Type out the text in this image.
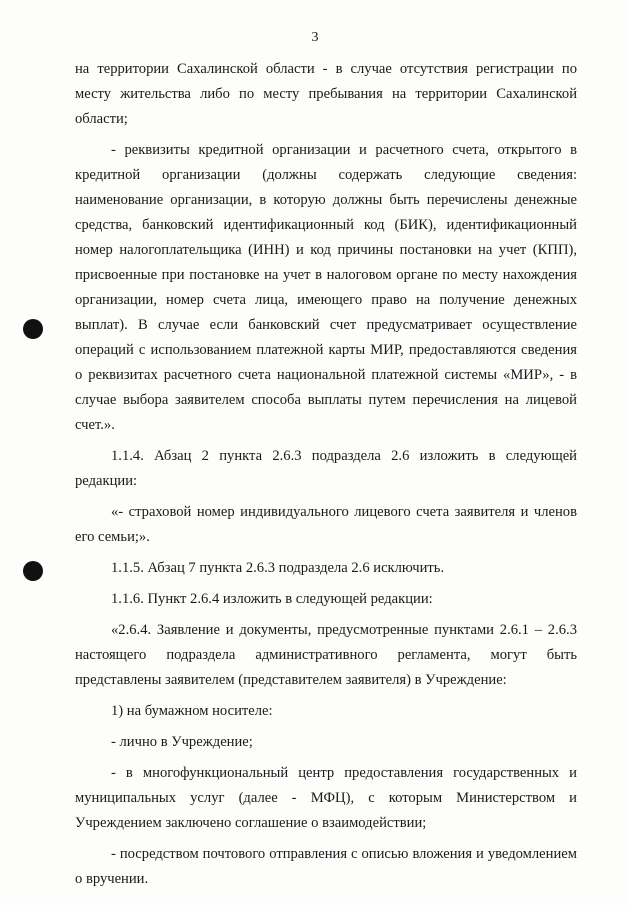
3

на территории Сахалинской области - в случае отсутствия регистрации по месту жительства либо по месту пребывания на территории Сахалинской области;

- реквизиты кредитной организации и расчетного счета, открытого в кредитной организации (должны содержать следующие сведения: наименование организации, в которую должны быть перечислены денежные средства, банковский идентификационный код (БИК), идентификационный номер налогоплательщика (ИНН) и код причины постановки на учет (КПП), присвоенные при постановке на учет в налоговом органе по месту нахождения организации, номер счета лица, имеющего право на получение денежных выплат). В случае если банковский счет предусматривает осуществление операций с использованием платежной карты МИР, предоставляются сведения о реквизитах расчетного счета национальной платежной системы «МИР», - в случае выбора заявителем способа выплаты путем перечисления на лицевой счет.».

1.1.4. Абзац 2 пункта 2.6.3 подраздела 2.6 изложить в следующей редакции:

«- страховой номер индивидуального лицевого счета заявителя и членов его семьи;».

1.1.5. Абзац 7 пункта 2.6.3 подраздела 2.6 исключить.

1.1.6. Пункт 2.6.4 изложить в следующей редакции:

«2.6.4. Заявление и документы, предусмотренные пунктами 2.6.1 – 2.6.3 настоящего подраздела административного регламента, могут быть представлены заявителем (представителем заявителя) в Учреждение:

1) на бумажном носителе:

- лично в Учреждение;

- в многофункциональный центр предоставления государственных и муниципальных услуг (далее - МФЦ), с которым Министерством и Учреждением заключено соглашение о взаимодействии;

- посредством почтового отправления с описью вложения и уведомлением о вручении.
